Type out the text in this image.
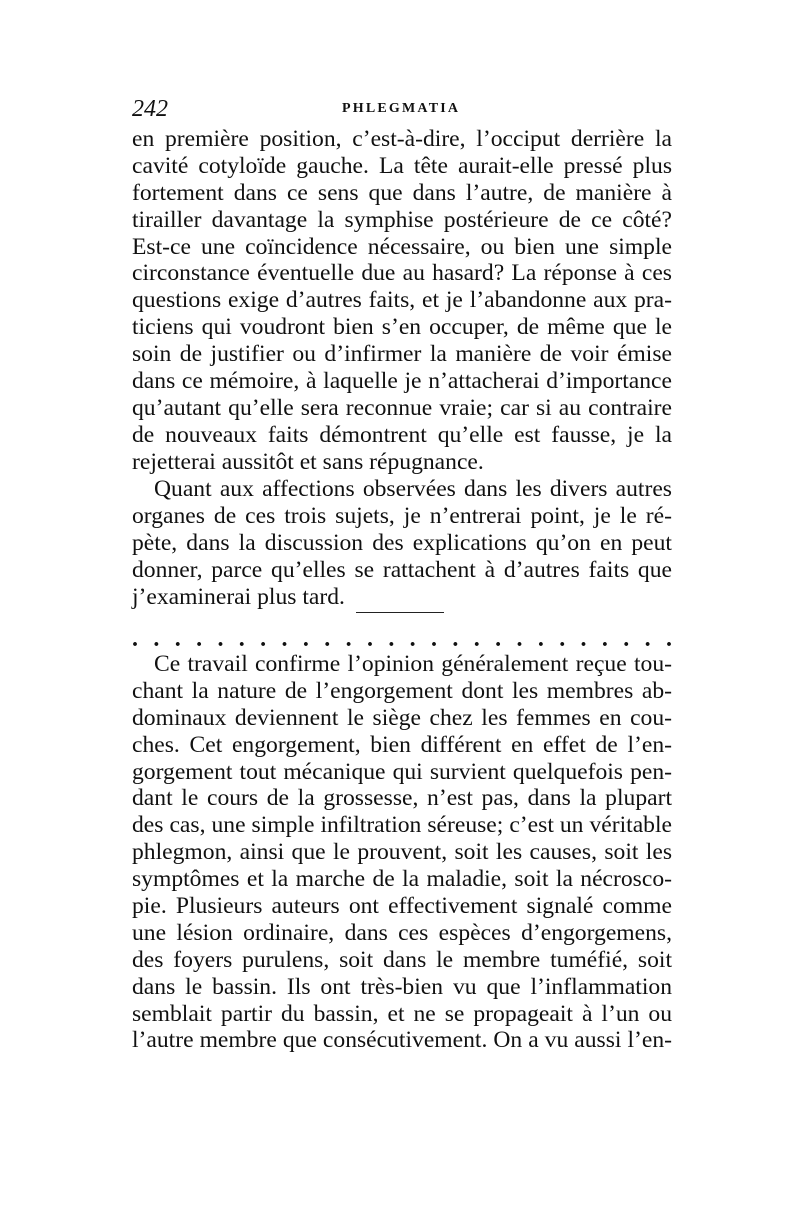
242	PHLEGMATIA
en première position, c’est-à-dire, l’occiput derrière la
cavité cotyloïde gauche. La tête aurait-elle pressé plus
fortement dans ce sens que dans l’autre, de manière à
tirailler davantage la symphise postérieure de ce côté?
Est-ce une coïncidence nécessaire, ou bien une simple
circonstance éventuelle due au hasard? La réponse à ces
questions exige d’autres faits, et je l’abandonne aux pra-
ticiens qui voudront bien s’en occuper, de même que le
soin de justifier ou d’infirmer la manière de voir émise
dans ce mémoire, à laquelle je n’attacherai d’importance
qu’autant qu’elle sera reconnue vraie; car si au contraire
de nouveaux faits démontrent qu’elle est fausse, je la
rejetterai aussitôt et sans répugnance.
Quant aux affections observées dans les divers autres
organes de ces trois sujets, je n’entrerai point, je le ré-
pète, dans la discussion des explications qu’on en peut
donner, parce qu’elles se rattachent à d’autres faits que
j’examinerai plus tard.
. . . . . . . . . . . . . . . . . . . . . . . . . .
Ce travail confirme l’opinion généralement reçue tou-
chant la nature de l’engorgement dont les membres ab-
dominaux deviennent le siège chez les femmes en cou-
ches. Cet engorgement, bien différent en effet de l’en-
gorgement tout mécanique qui survient quelquefois pen-
dant le cours de la grossesse, n’est pas, dans la plupart
des cas, une simple infiltration séreuse; c’est un véritable
phlegmon, ainsi que le prouvent, soit les causes, soit les
symptômes et la marche de la maladie, soit la nécrosco-
pie. Plusieurs auteurs ont effectivement signalé comme
une lésion ordinaire, dans ces espèces d’engorgemens,
des foyers purulens, soit dans le membre tuméfié, soit
dans le bassin. Ils ont très-bien vu que l’inflammation
semblait partir du bassin, et ne se propageait à l’un ou
l’autre membre que consécutivement. On a vu aussi l’en-
